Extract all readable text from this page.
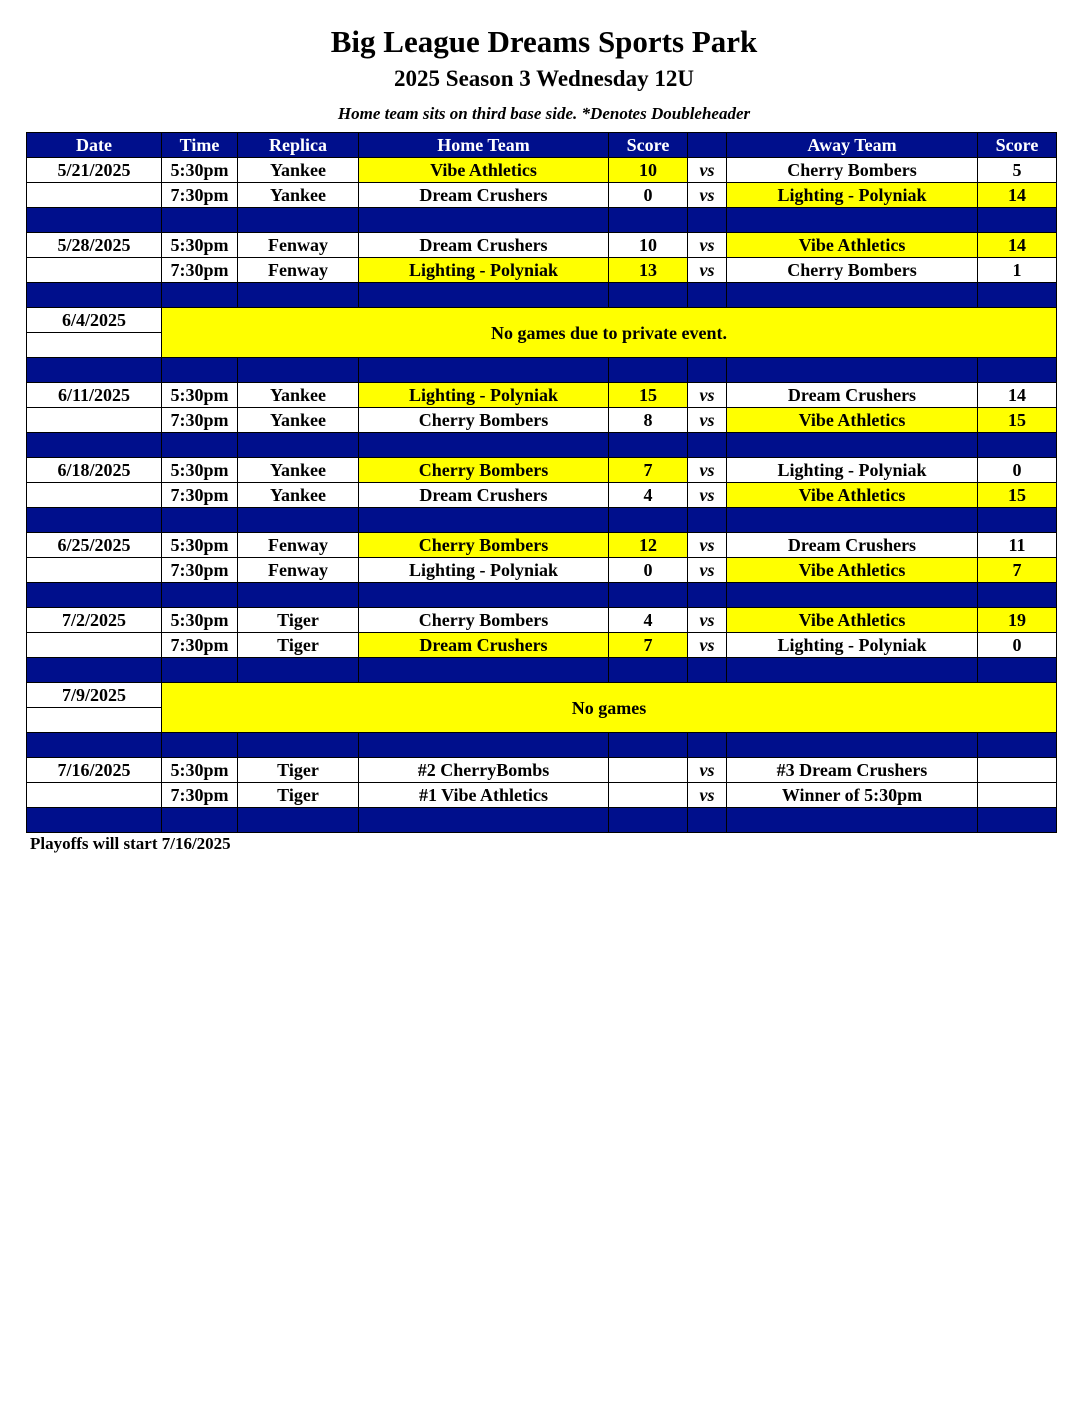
Big League Dreams Sports Park
2025 Season 3 Wednesday 12U
Home team sits on third base side. *Denotes Doubleheader
Date	Time	Replica	Home Team	Score		Away Team	Score
5/21/2025	5:30pm	Yankee	Vibe Athletics	10	vs	Cherry Bombers	5
	7:30pm	Yankee	Dream Crushers	0	vs	Lighting - Polyniak	14

5/28/2025	5:30pm	Fenway	Dream Crushers	10	vs	Vibe Athletics	14
	7:30pm	Fenway	Lighting - Polyniak	13	vs	Cherry Bombers	1

6/4/2025	No games due to private event.						

6/11/2025	5:30pm	Yankee	Lighting - Polyniak	15	vs	Dream Crushers	14
	7:30pm	Yankee	Cherry Bombers	8	vs	Vibe Athletics	15

6/18/2025	5:30pm	Yankee	Cherry Bombers	7	vs	Lighting - Polyniak	0
	7:30pm	Yankee	Dream Crushers	4	vs	Vibe Athletics	15

6/25/2025	5:30pm	Fenway	Cherry Bombers	12	vs	Dream Crushers	11
	7:30pm	Fenway	Lighting - Polyniak	0	vs	Vibe Athletics	7

7/2/2025	5:30pm	Tiger	Cherry Bombers	4	vs	Vibe Athletics	19
	7:30pm	Tiger	Dream Crushers	7	vs	Lighting - Polyniak	0

7/9/2025	No games						

7/16/2025	5:30pm	Tiger	#2 CherryBombs		vs	#3 Dream Crushers	
	7:30pm	Tiger	#1 Vibe Athletics		vs	Winner of 5:30pm	

Playoffs will start 7/16/2025
